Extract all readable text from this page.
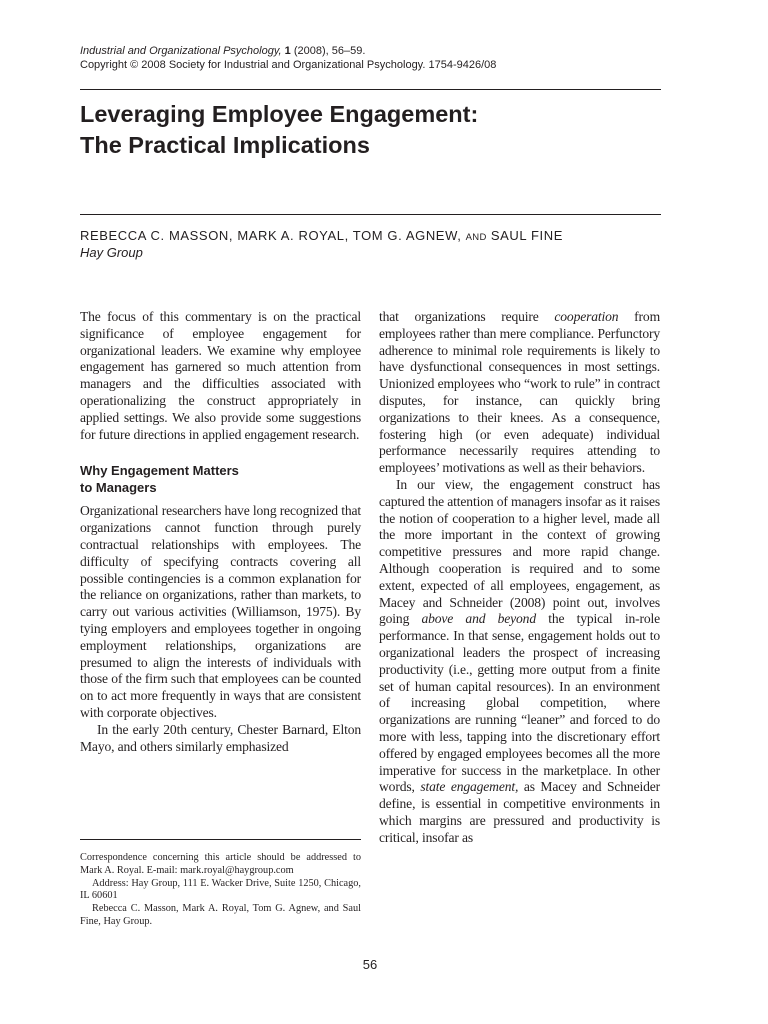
Industrial and Organizational Psychology, 1 (2008), 56–59.
Copyright © 2008 Society for Industrial and Organizational Psychology. 1754-9426/08
Leveraging Employee Engagement:
The Practical Implications
REBECCA C. MASSON, MARK A. ROYAL, TOM G. AGNEW, AND SAUL FINE
Hay Group

The focus of this commentary is on the practical significance of employee engagement for organizational leaders. We examine why employee engagement has garnered so much attention from managers and the difficulties associated with operationalizing the construct appropriately in applied settings. We also provide some suggestions for future directions in applied engagement research.

Why Engagement Matters
to Managers

Organizational researchers have long recognized that organizations cannot function through purely contractual relationships with employees. The difficulty of specifying contracts covering all possible contingencies is a common explanation for the reliance on organizations, rather than markets, to carry out various activities (Williamson, 1975). By tying employers and employees together in ongoing employment relationships, organizations are presumed to align the interests of individuals with those of the firm such that employees can be counted on to act more frequently in ways that are consistent with corporate objectives.

In the early 20th century, Chester Barnard, Elton Mayo, and others similarly emphasized

that organizations require cooperation from employees rather than mere compliance. Perfunctory adherence to minimal role requirements is likely to have dysfunctional consequences in most settings. Unionized employees who “work to rule” in contract disputes, for instance, can quickly bring organizations to their knees. As a consequence, fostering high (or even adequate) individual performance necessarily requires attending to employees’ motivations as well as their behaviors.

In our view, the engagement construct has captured the attention of managers insofar as it raises the notion of cooperation to a higher level, made all the more important in the context of growing competitive pressures and more rapid change. Although cooperation is required and to some extent, expected of all employees, engagement, as Macey and Schneider (2008) point out, involves going above and beyond the typical in-role performance. In that sense, engagement holds out to organizational leaders the prospect of increasing productivity (i.e., getting more output from a finite set of human capital resources). In an environment of increasing global competition, where organizations are running “leaner” and forced to do more with less, tapping into the discretionary effort offered by engaged employees becomes all the more imperative for success in the marketplace. In other words, state engagement, as Macey and Schneider define, is essential in competitive environments in which margins are pressured and productivity is critical, insofar as

Correspondence concerning this article should be addressed to Mark A. Royal. E-mail: mark.royal@haygroup.com

Address: Hay Group, 111 E. Wacker Drive, Suite 1250, Chicago, IL 60601

Rebecca C. Masson, Mark A. Royal, Tom G. Agnew, and Saul Fine, Hay Group.

56
